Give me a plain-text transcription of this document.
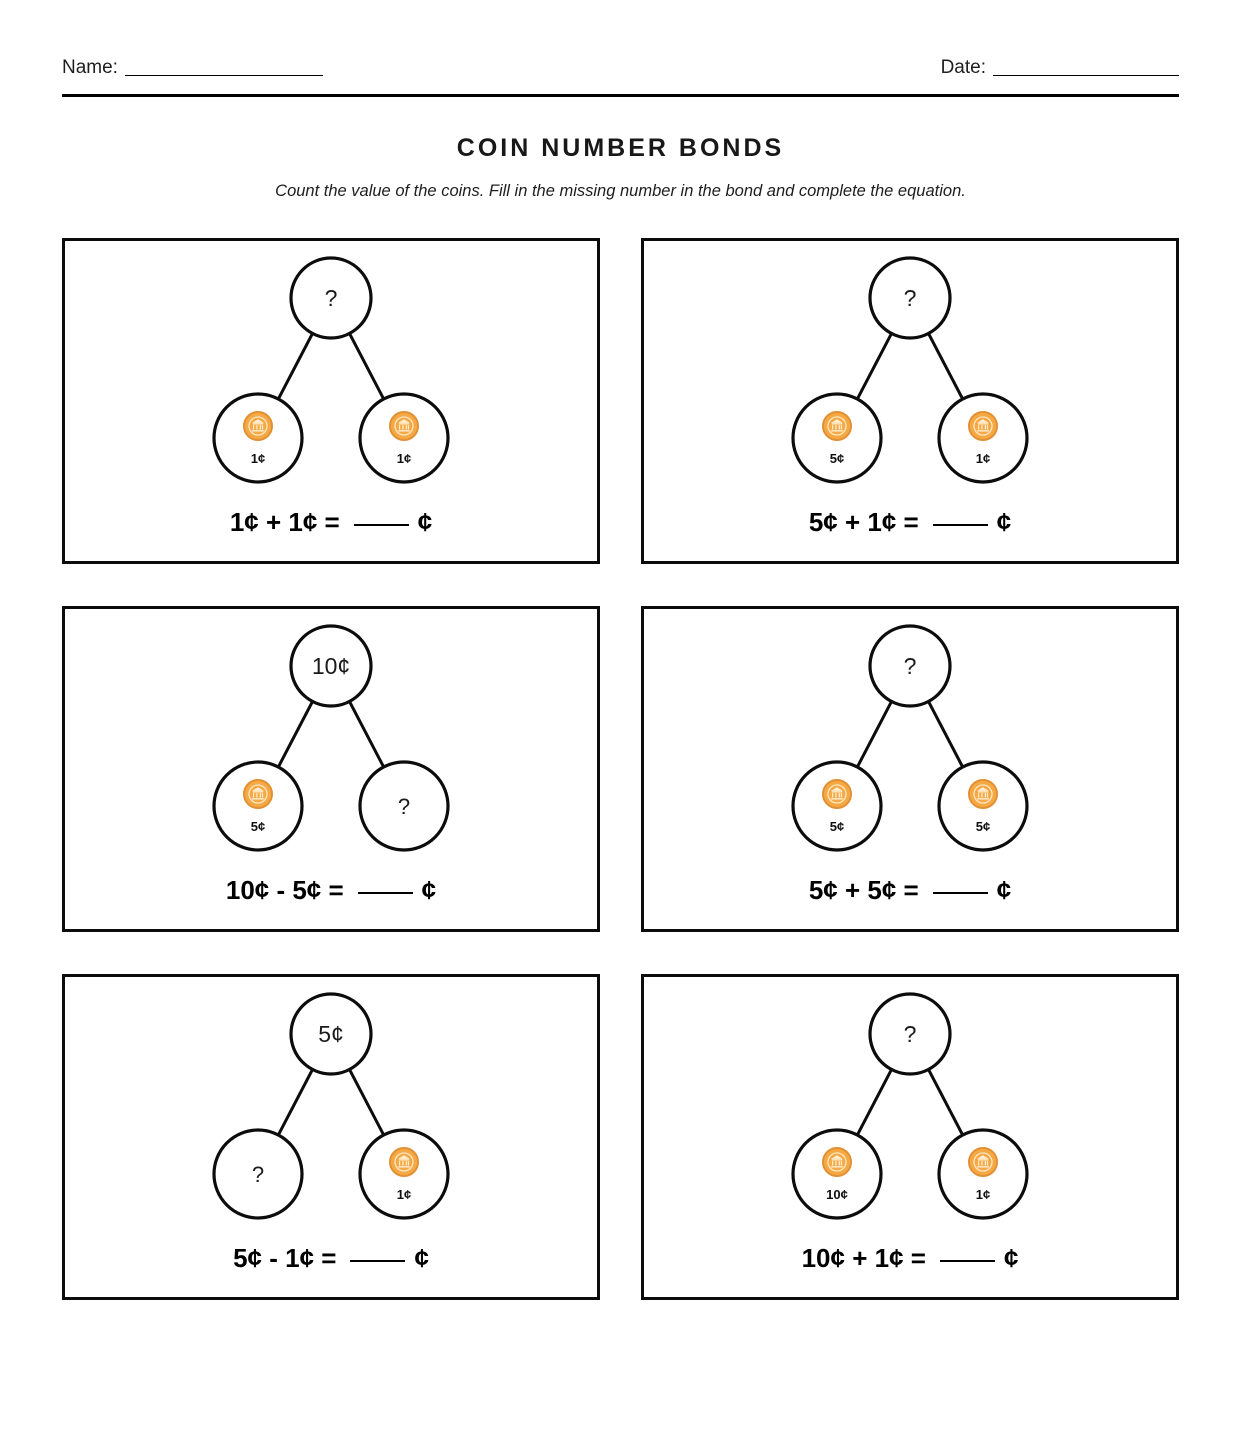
Name:	Date:
COIN NUMBER BONDS
Count the value of the coins. Fill in the missing number in the bond and complete the equation.
?
1¢	1¢
1¢ + 1¢ =	¢
?
5¢	1¢
5¢ + 1¢ =	¢
10¢
?
5¢
10¢ - 5¢ =	¢
?
5¢	5¢
5¢ + 5¢ =	¢
5¢
?
1¢
5¢ - 1¢ =	¢
?
10¢	1¢
10¢ + 1¢ =	¢
